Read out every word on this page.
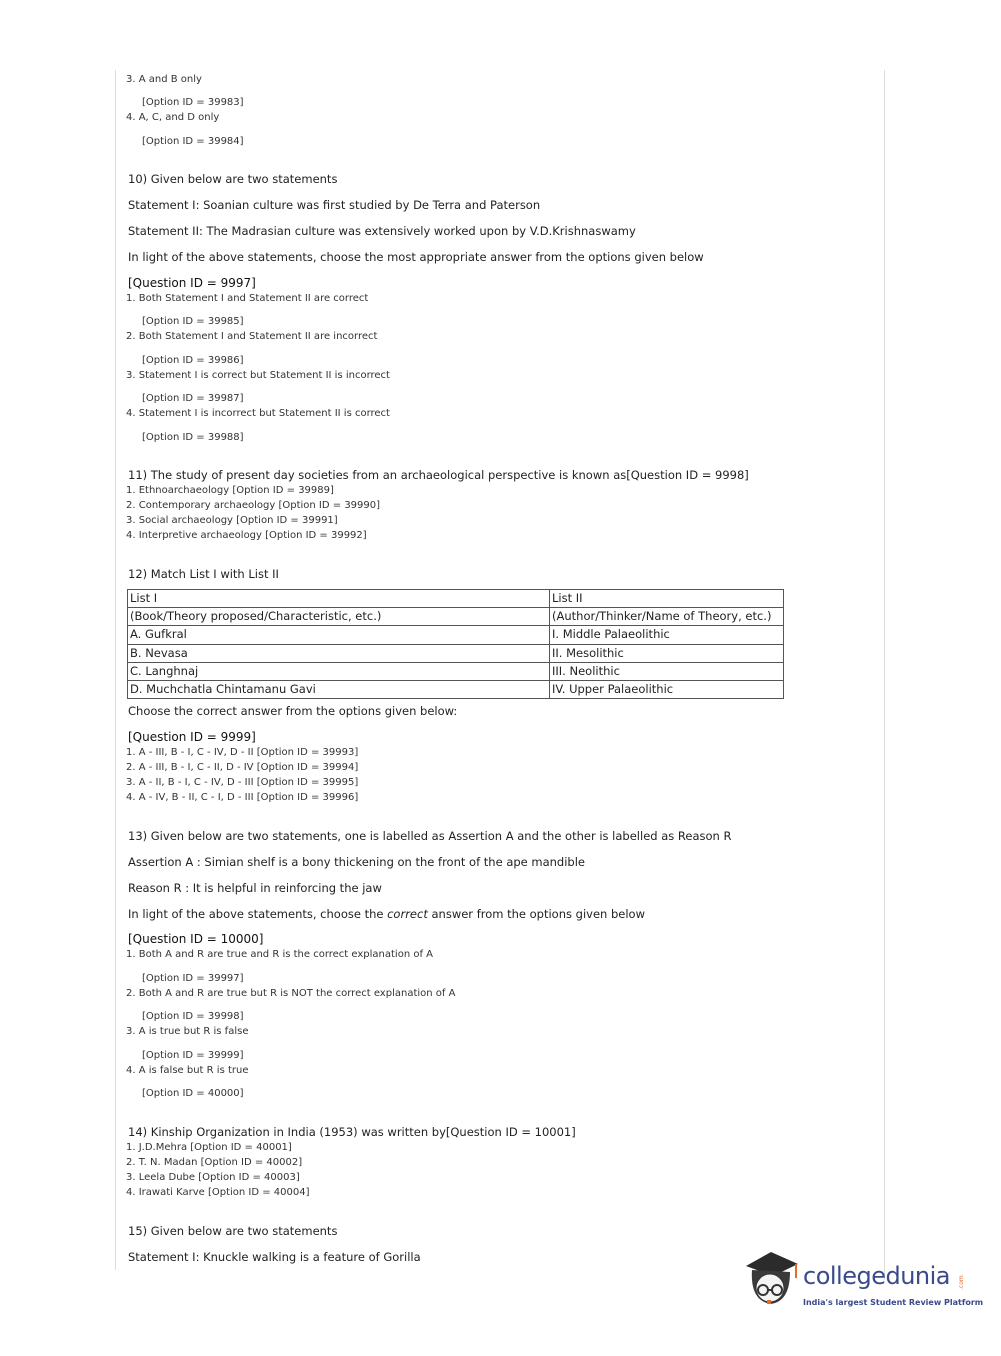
3. A and B only
[Option ID = 39983]
4. A, C, and D only
[Option ID = 39984]
10) Given below are two statements
Statement I: Soanian culture was first studied by De Terra and Paterson
Statement II: The Madrasian culture was extensively worked upon by V.D.Krishnaswamy
In light of the above statements, choose the most appropriate answer from the options given below
[Question ID = 9997]
1. Both Statement I and Statement II are correct
[Option ID = 39985]
2. Both Statement I and Statement II are incorrect
[Option ID = 39986]
3. Statement I is correct but Statement II is incorrect
[Option ID = 39987]
4. Statement I is incorrect but Statement II is correct
[Option ID = 39988]
11) The study of present day societies from an archaeological perspective is known as[Question ID = 9998]
1. Ethnoarchaeology [Option ID = 39989]
2. Contemporary archaeology [Option ID = 39990]
3. Social archaeology [Option ID = 39991]
4. Interpretive archaeology [Option ID = 39992]
12) Match List I with List II
List I	List II
(Book/Theory proposed/Characteristic, etc.)	(Author/Thinker/Name of Theory, etc.)
A. Gufkral	I. Middle Palaeolithic
B. Nevasa	II. Mesolithic
C. Langhnaj	III. Neolithic
D. Muchchatla Chintamanu Gavi	IV. Upper Palaeolithic
Choose the correct answer from the options given below:
[Question ID = 9999]
1. A - III, B - I, C - IV, D - II [Option ID = 39993]
2. A - III, B - I, C - II, D - IV [Option ID = 39994]
3. A - II, B - I, C - IV, D - III [Option ID = 39995]
4. A - IV, B - II, C - I, D - III [Option ID = 39996]
13) Given below are two statements, one is labelled as Assertion A and the other is labelled as Reason R
Assertion A : Simian shelf is a bony thickening on the front of the ape mandible
Reason R : It is helpful in reinforcing the jaw
In light of the above statements, choose the correct answer from the options given below
[Question ID = 10000]
1. Both A and R are true and R is the correct explanation of A
[Option ID = 39997]
2. Both A and R are true but R is NOT the correct explanation of A
[Option ID = 39998]
3. A is true but R is false
[Option ID = 39999]
4. A is false but R is true
[Option ID = 40000]
14) Kinship Organization in India (1953) was written by[Question ID = 10001]
1. J.D.Mehra [Option ID = 40001]
2. T. N. Madan [Option ID = 40002]
3. Leela Dube [Option ID = 40003]
4. Irawati Karve [Option ID = 40004]
15) Given below are two statements
Statement I: Knuckle walking is a feature of Gorilla
collegedunia .com
India's largest Student Review Platform
